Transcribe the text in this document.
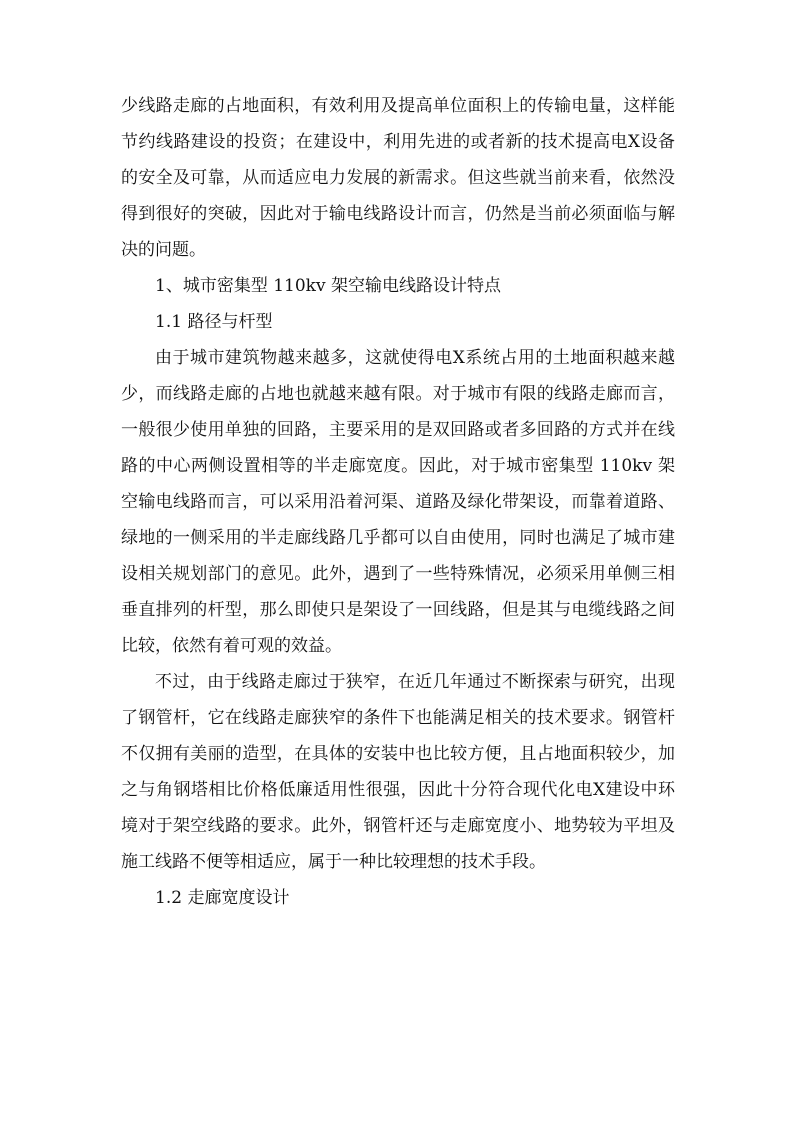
少线路走廊的占地面积，有效利用及提高单位面积上的传输电量，这样能节约线路建设的投资；在建设中，利用先进的或者新的技术提高电X设备的安全及可靠，从而适应电力发展的新需求。但这些就当前来看，依然没得到很好的突破，因此对于输电线路设计而言，仍然是当前必须面临与解决的问题。

1、城市密集型 110kv 架空输电线路设计特点

1.1 路径与杆型

由于城市建筑物越来越多，这就使得电X系统占用的土地面积越来越少，而线路走廊的占地也就越来越有限。对于城市有限的线路走廊而言，一般很少使用单独的回路，主要采用的是双回路或者多回路的方式并在线路的中心两侧设置相等的半走廊宽度。因此，对于城市密集型 110kv 架空输电线路而言，可以采用沿着河渠、道路及绿化带架设，而靠着道路、绿地的一侧采用的半走廊线路几乎都可以自由使用，同时也满足了城市建设相关规划部门的意见。此外，遇到了一些特殊情况，必须采用单侧三相垂直排列的杆型，那么即使只是架设了一回线路，但是其与电缆线路之间比较，依然有着可观的效益。

不过，由于线路走廊过于狭窄，在近几年通过不断探索与研究，出现了钢管杆，它在线路走廊狭窄的条件下也能满足相关的技术要求。钢管杆不仅拥有美丽的造型，在具体的安装中也比较方便，且占地面积较少，加之与角钢塔相比价格低廉适用性很强，因此十分符合现代化电X建设中环境对于架空线路的要求。此外，钢管杆还与走廊宽度小、地势较为平坦及施工线路不便等相适应，属于一种比较理想的技术手段。

1.2 走廊宽度设计
